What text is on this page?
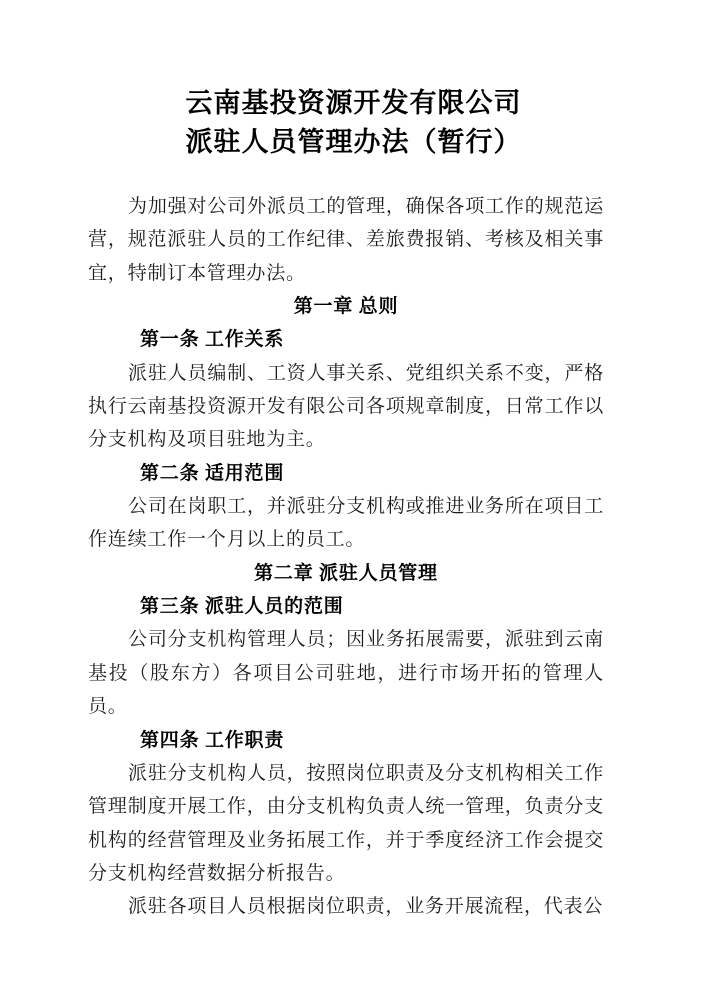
云南基投资源开发有限公司
派驻人员管理办法（暂行）

为加强对公司外派员工的管理，确保各项工作的规范运营，规范派驻人员的工作纪律、差旅费报销、考核及相关事宜，特制订本管理办法。

第一章 总则
第一条 工作关系

派驻人员编制、工资人事关系、党组织关系不变，严格执行云南基投资源开发有限公司各项规章制度，日常工作以分支机构及项目驻地为主。

第二条 适用范围

公司在岗职工，并派驻分支机构或推进业务所在项目工作连续工作一个月以上的员工。

第二章 派驻人员管理
第三条 派驻人员的范围

公司分支机构管理人员；因业务拓展需要，派驻到云南基投（股东方）各项目公司驻地，进行市场开拓的管理人员。

第四条 工作职责

派驻分支机构人员，按照岗位职责及分支机构相关工作管理制度开展工作，由分支机构负责人统一管理，负责分支机构的经营管理及业务拓展工作，并于季度经济工作会提交分支机构经营数据分析报告。

派驻各项目人员根据岗位职责，业务开展流程，代表公
